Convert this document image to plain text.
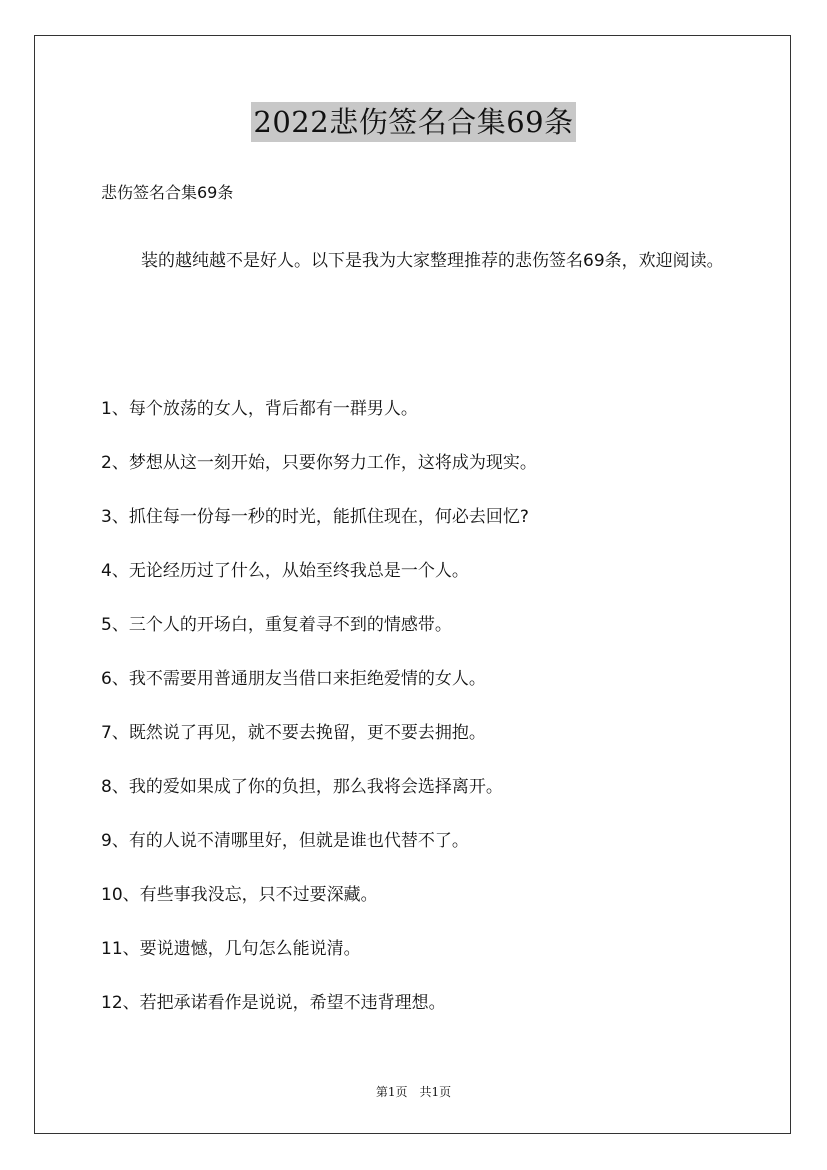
2022悲伤签名合集69条
悲伤签名合集69条
装的越纯越不是好人。以下是我为大家整理推荐的悲伤签名69条，欢迎阅读。
1、每个放荡的女人，背后都有一群男人。
2、梦想从这一刻开始，只要你努力工作，这将成为现实。
3、抓住每一份每一秒的时光，能抓住现在，何必去回忆?
4、无论经历过了什么，从始至终我总是一个人。
5、三个人的开场白，重复着寻不到的情感带。
6、我不需要用普通朋友当借口来拒绝爱情的女人。
7、既然说了再见，就不要去挽留，更不要去拥抱。
8、我的爱如果成了你的负担，那么我将会选择离开。
9、有的人说不清哪里好，但就是谁也代替不了。
10、有些事我没忘，只不过要深藏。
11、要说遗憾，几句怎么能说清。
12、若把承诺看作是说说，希望不违背理想。
第1页　共1页
